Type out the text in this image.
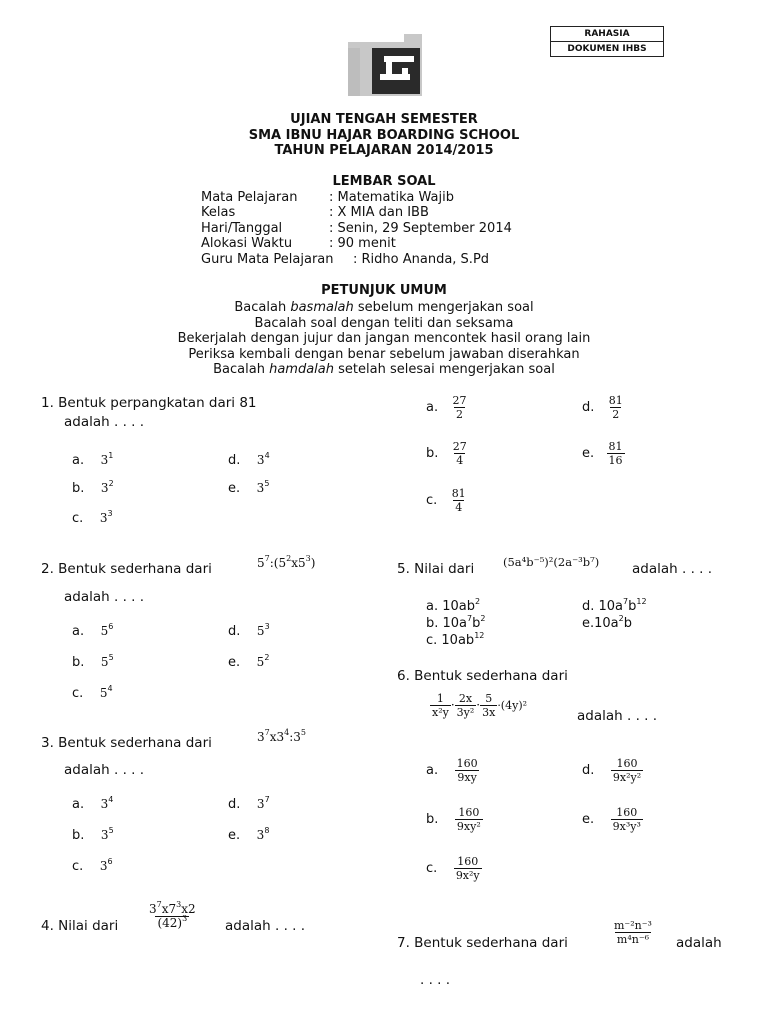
RAHASIA
DOKUMEN IHBS
UJIAN TENGAH SEMESTER
SMA IBNU HAJAR BOARDING SCHOOL
TAHUN PELAJARAN 2014/2015
LEMBAR SOAL
Mata Pelajaran : Matematika Wajib
Kelas	: X MIA dan IBB
Hari/Tanggal	: Senin, 29 September 2014
Alokasi Waktu	: 90 menit
Guru Mata Pelajaran : Ridho Ananda, S.Pd
PETUNJUK UMUM
Bacalah basmalah sebelum mengerjakan soal
Bacalah soal dengan teliti dan seksama
Bekerjalah dengan jujur dan jangan mencontek hasil orang lain
Periksa kembali dengan benar sebelum jawaban diserahkan
Bacalah hamdalah setelah selesai mengerjakan soal
1. Bentuk perpangkatan dari 81
adalah . . . .
a. $3^1$
b. $3^2$
c. $3^3$
d. $3^4$
e. $3^5$
a. $\frac{27}{2}$
b. $\frac{27}{4}$
c. $\frac{81}{4}$
d. $\frac{81}{2}$
e. $\frac{81}{16}$
2. Bentuk sederhana dari	$5^7:(5^2x5^3)$
adalah . . . .
a. $5^6$
b. $5^5$
c. $5^4$
d. $5^3$
e. $5^2$
5. Nilai dari	(5a⁴b⁻⁵)²(2a⁻³b⁷) adalah . . . .
a. $10ab^2$
b. $10a^7b^2$
c. $10ab^{12}$
d. $10a^7b^{12}$
$e.10a^2b$
6. Bentuk sederhana dari
$\frac{1}{\text{x²y}} \cdot \frac{2x}{\text{3y²}} \cdot \frac{5}{3x} \cdot(4y)^2$
adalah . . . .
a. $\frac{160}{9xy}$
b. $\frac{160}{\text{9xy²}}$
c. $\frac{160}{\text{9x²y}}$
d. $\frac{160}{\text{9x²y²}}$
e. $\frac{160}{\text{9x³y³}}$
3. Bentuk sederhana dari	$3^7x3^4:3^5$
adalah . . . .
a. $3^4$
b. $3^5$
c. $3^6$
d. $3^7$
e. $3^8$
4. Nilai dari $\frac{3^7x7^3x2}{(42)^3}$ adalah . . . .
7. Bentuk sederhana dari	$\frac{\text{m⁻²n⁻³}}{\text{m⁴n⁻⁶}}$ adalah
. . . .
